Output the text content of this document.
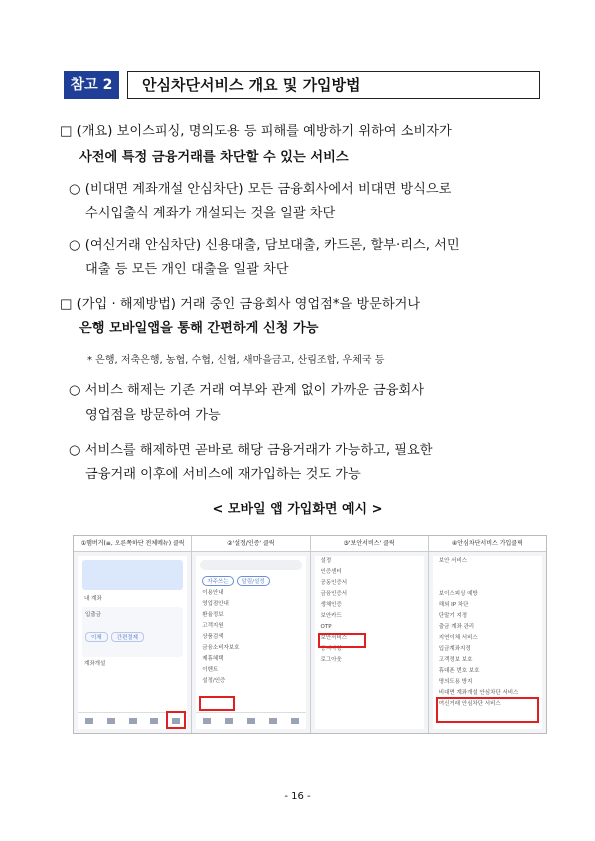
참고 2	안심차단서비스 개요 및 가입방법
□ (개요) 보이스피싱, 명의도용 등 피해를 예방하기 위하여 소비자가
사전에 특정 금융거래를 차단할 수 있는 서비스
○ (비대면 계좌개설 안심차단) 모든 금융회사에서 비대면 방식으로
수시입출식 계좌가 개설되는 것을 일괄 차단
○ (여신거래 안심차단) 신용대출, 담보대출, 카드론, 할부·리스, 서민
대출 등 모든 개인 대출을 일괄 차단
□ (가입 · 해제방법) 거래 중인 금융회사 영업점*을 방문하거나
은행 모바일앱을 통해 간편하게 신청 가능
* 은행, 저축은행, 농협, 수협, 신협, 새마을금고, 산림조합, 우체국 등
○ 서비스 해제는 기존 거래 여부와 관계 없이 가까운 금융회사
영업점을 방문하여 가능
○ 서비스를 해제하면 곧바로 해당 금융거래가 가능하고, 필요한
금융거래 이후에 서비스에 재가입하는 것도 가능
< 모바일 앱 가입화면 예시 >
①햄버거(≡, 오른쪽하단 전체메뉴) 클릭
내 계좌
입출금
이체	간편결제
계좌개설
②'설정/인증' 클릭
자주쓰는 알림/설정
이용안내
영업점안내
환율정보
고객지원
상품검색
금융소비자보호
제휴혜택
이벤트
설정/인증
③'보안서비스' 클릭
설정
인증센터
공동인증서
금융인증서
생체인증
보안카드
OTP
보안서비스
공지사항
로그아웃
④안심차단서비스 가입클릭
보안 서비스
보이스피싱 예방
해외 IP 차단
단말기 지정
출금 계좌 관리
지연이체 서비스
입금계좌지정
고객정보 보호
휴대폰 번호 보호
명의도용 방지
비대면 계좌개설 안심차단 서비스
여신거래 안심차단 서비스
- 16 -
